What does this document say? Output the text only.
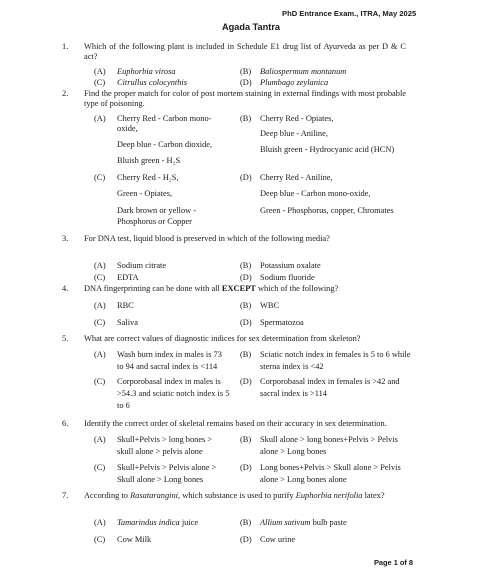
PhD Entrance Exam., ITRA, May 2025
Agada Tantra
1. Which of the following plant is included in Schedule E1 drug list of Ayurveda as per D & C act?
(A) Euphorbia virosa	(B) Baliospermum montanum
(C) Citrullus colocynthis	(D) Plumbago zeylanica
2. Find the proper match for color of post mortem staining in external findings with most probable type of poisoning.
(A) Cherry Red - Carbon mono-
oxide,
Deep blue - Carbon dioxide,
Bluish green - H₂S
(B) Cherry Red - Opiates,
Deep blue - Aniline,
Bluish green - Hydrocyanic acid (HCN)
(C) Cherry Red - H₂S,
Green - Opiates,
Dark brown or yellow -
Phosphorus or Copper
(D) Cherry Red - Aniline,
Deep blue - Carbon mono-oxide,
Green - Phosphorus, copper, Chromates
3. For DNA test, liquid blood is preserved in which of the following media?
(A) Sodium citrate	(B) Potassium oxalate
(C) EDTA	(D) Sodium fluoride
4. DNA fingerprinting can be done with all EXCEPT which of the following?
(A) RBC	(B) WBC
(C) Saliva	(D) Spermatozoa
5. What are correct values of diagnostic indices for sex determination from skeleton?
(A) Wash burn index in males is 73
to 94 and sacral index is <114
(B) Sciatic notch index in females is 5 to 6 while
sterna index is <42
(C) Corporobasal index in males is
>54.3 and sciatic notch index is 5
to 6
(D) Corporobasal index in females is >42 and
sacral index is >114
6. Identify the correct order of skeletal remains based on their accuracy in sex determination.
(A) Skull+Pelvis > long bones >
skull alone > pelvis alone
(B) Skull alone > long bones+Pelvis > Pelvis
alone > Long bones
(C) Skull+Pelvis > Pelvis alone >
Skull alone > Long bones
(D) Long bones+Pelvis > Skull alone > Pelvis
alone > Long bones alone
7. According to Rasatarangini, which substance is used to purify Euphorbia nerifolia latex?
(A) Tamarindus indica juice	(B) Allium sativum bulb paste
(C) Cow Milk	(D) Cow urine
Page 1 of 8
